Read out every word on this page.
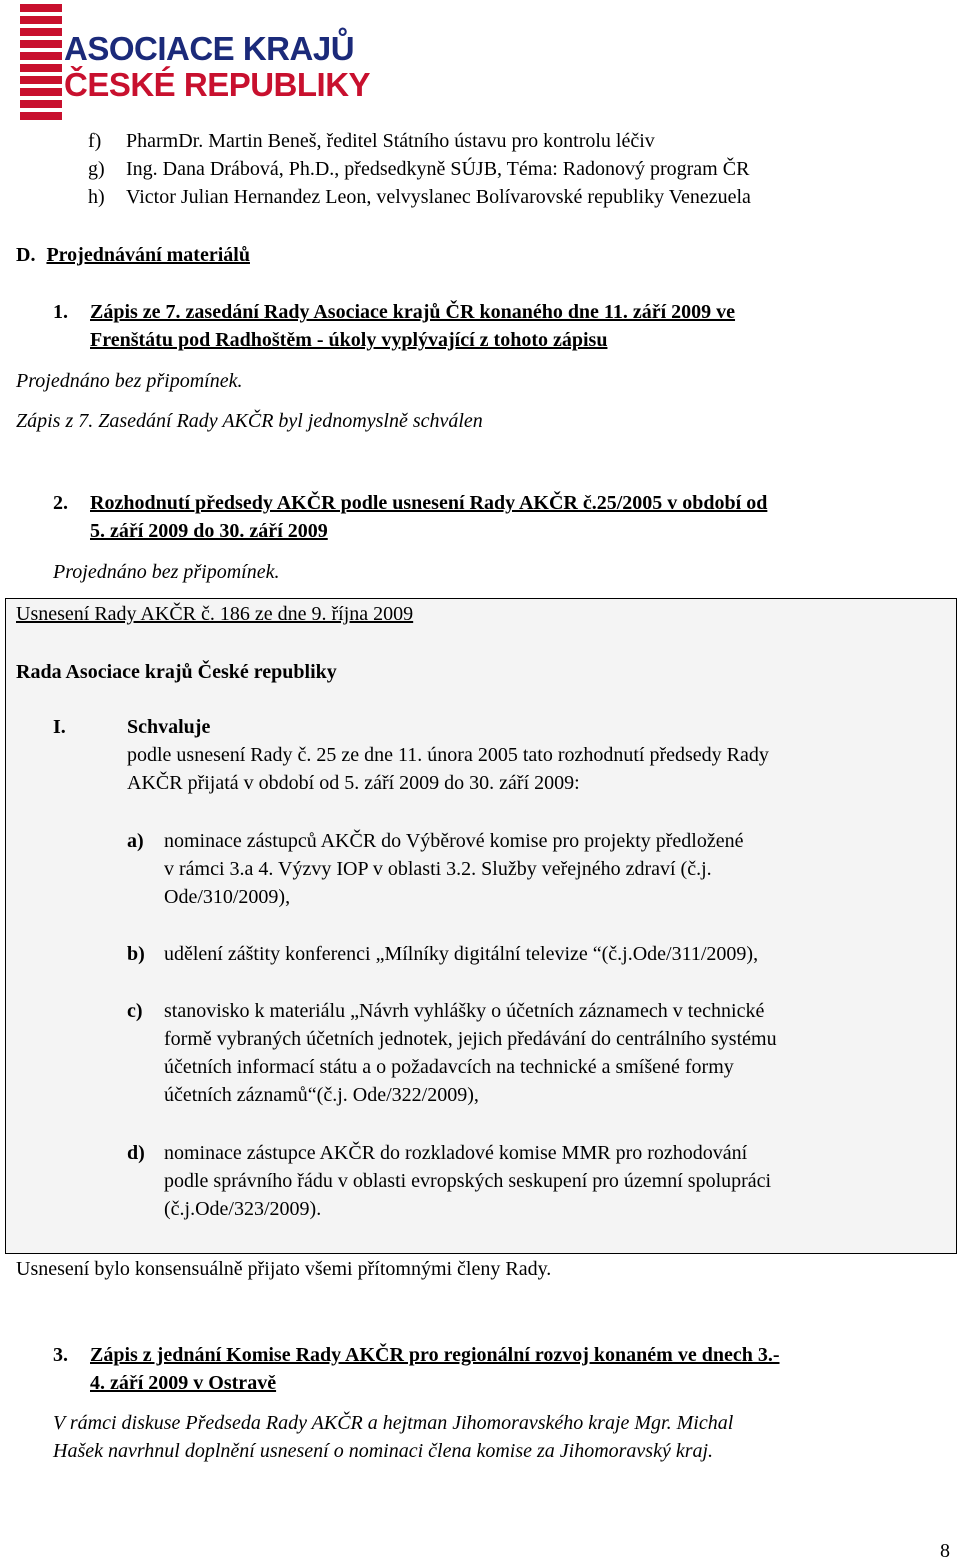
ASOCIACE KRAJŮ
ČESKÉ REPUBLIKY
f) PharmDr. Martin Beneš, ředitel Státního ústavu pro kontrolu léčiv
g) Ing. Dana Drábová, Ph.D., předsedkyně SÚJB, Téma: Radonový program ČR
h) Victor Julian Hernandez Leon, velvyslanec Bolívarovské republiky Venezuela
D. Projednávání materiálů
1. Zápis ze 7. zasedání Rady Asociace krajů ČR konaného dne 11. září 2009 ve
Frenštátu pod Radhoštěm - úkoly vyplývající z tohoto zápisu
Projednáno bez připomínek.
Zápis z 7. Zasedání Rady AKČR byl jednomyslně schválen
2. Rozhodnutí předsedy AKČR podle usnesení Rady AKČR č.25/2005 v období od
5. září 2009 do 30. září 2009
Projednáno bez připomínek.
Usnesení Rady AKČR č. 186 ze dne 9. října 2009
Rada Asociace krajů České republiky
I.	Schvaluje
podle usnesení Rady č. 25 ze dne 11. února 2005 tato rozhodnutí předsedy Rady
AKČR přijatá v období od 5. září 2009 do 30. září 2009:
a) nominace zástupců AKČR do Výběrové komise pro projekty předložené
v rámci 3.a 4. Výzvy IOP v oblasti 3.2. Služby veřejného zdraví (č.j.
Ode/310/2009),
b) udělení záštity konferenci „Mílníky digitální televize “(č.j.Ode/311/2009),
c) stanovisko k materiálu „Návrh vyhlášky o účetních záznamech v technické
formě vybraných účetních jednotek, jejich předávání do centrálního systému
účetních informací státu a o požadavcích na technické a smíšené formy
účetních záznamů“(č.j. Ode/322/2009),
d) nominace zástupce AKČR do rozkladové komise MMR pro rozhodování
podle správního řádu v oblasti evropských seskupení pro územní spolupráci
(č.j.Ode/323/2009).
Usnesení bylo konsensuálně přijato všemi přítomnými členy Rady.
3. Zápis z jednání Komise Rady AKČR pro regionální rozvoj konaném ve dnech 3.-
4. září 2009 v Ostravě
V rámci diskuse Předseda Rady AKČR a hejtman Jihomoravského kraje Mgr. Michal
Hašek navrhnul doplnění usnesení o nominaci člena komise za Jihomoravský kraj.
8
